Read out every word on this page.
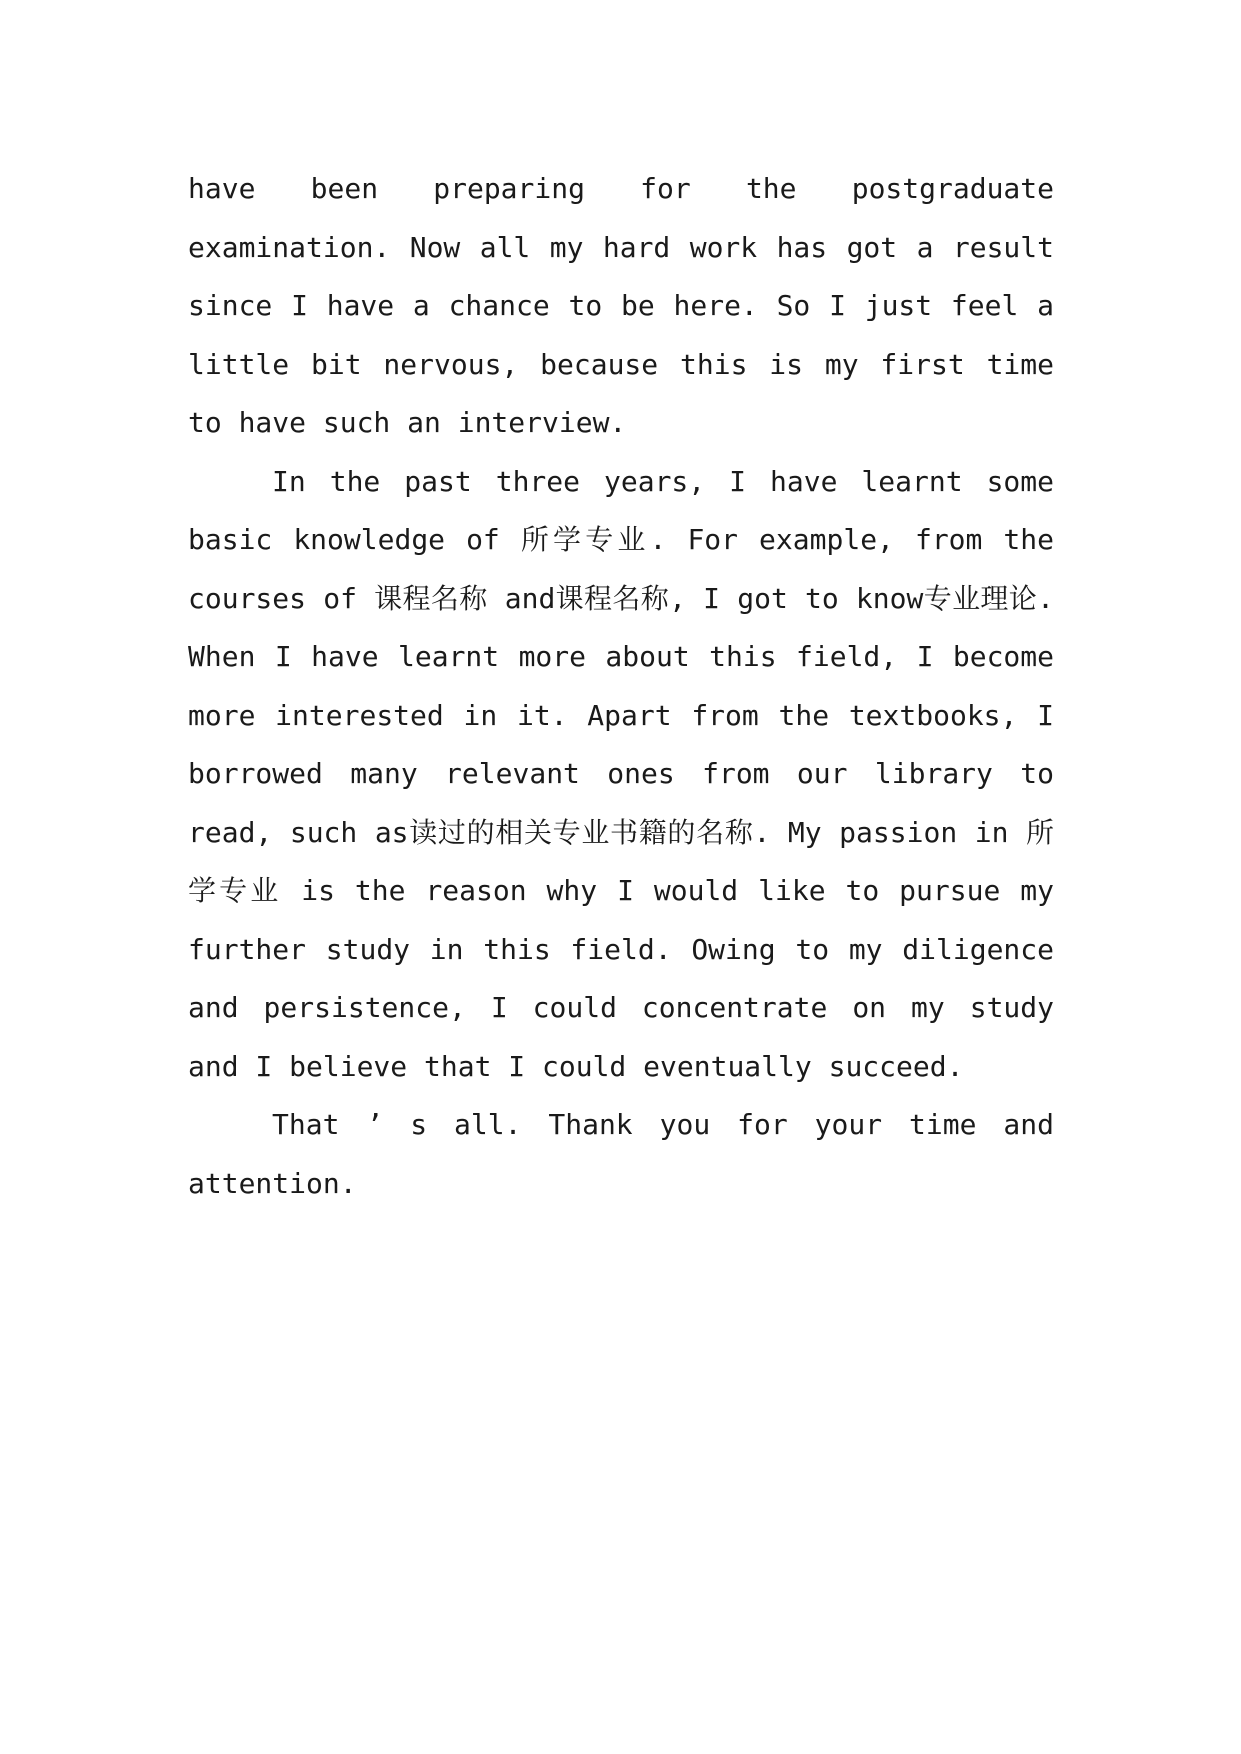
have been preparing for the postgraduate examination. Now all my hard work has got a result since I have a chance to be here. So I just feel a little bit nervous, because this is my first time to have such an interview.

In the past three years, I have learnt some basic knowledge of 所学专业. For example, from the courses of 课程名称 and课程名称, I got to know专业理论. When I have learnt more about this field, I become more interested in it. Apart from the textbooks, I borrowed many relevant ones from our library to read, such as读过的相关专业书籍的名称. My passion in 所学专业 is the reason why I would like to pursue my further study in this field. Owing to my diligence and persistence, I could concentrate on my study and I believe that I could eventually succeed.

That ’ s all. Thank you for your time and attention.
